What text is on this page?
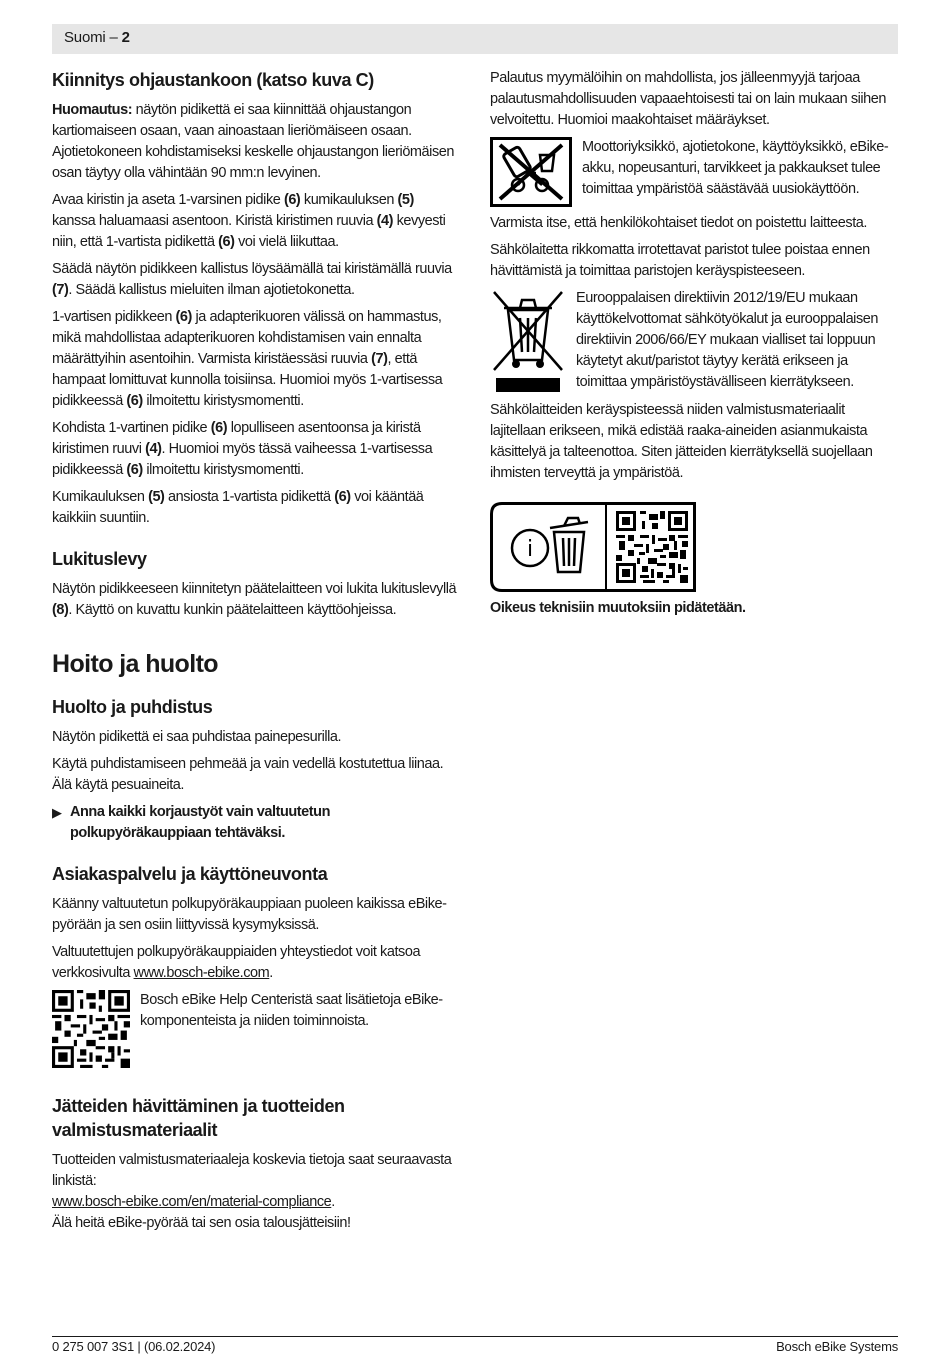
Suomi – 2
Kiinnitys ohjaustankoon (katso kuva C)

Huomautus: näytön pidikettä ei saa kiinnittää ohjaustangon kartiomaiseen osaan, vaan ainoastaan lieriömäiseen osaan. Ajotietokoneen kohdistamiseksi keskelle ohjaustangon lieriömäisen osan täytyy olla vähintään 90 mm:n levyinen.

Avaa kiristin ja aseta 1-varsinen pidike (6) kumikauluksen (5) kanssa haluamaasi asentoon. Kiristä kiristimen ruuvia (4) kevyesti niin, että 1-vartista pidikettä (6) voi vielä liikuttaa.

Säädä näytön pidikkeen kallistus löysäämällä tai kiristämällä ruuvia (7). Säädä kallistus mieluiten ilman ajotietokonetta.

1-vartisen pidikkeen (6) ja adapterikuoren välissä on hammastus, mikä mahdollistaa adapterikuoren kohdistamisen vain ennalta määrättyihin asentoihin. Varmista kiristäessäsi ruuvia (7), että hampaat lomittuvat kunnolla toisiinsa. Huomioi myös 1-vartisessa pidikkeessä (6) ilmoitettu kiristysmomentti.

Kohdista 1-vartinen pidike (6) lopulliseen asentoonsa ja kiristä kiristimen ruuvi (4). Huomioi myös tässä vaiheessa 1-vartisessa pidikkeessä (6) ilmoitettu kiristysmomentti.

Kumikauluksen (5) ansiosta 1-vartista pidikettä (6) voi kääntää kaikkiin suuntiin.

Lukituslevy

Näytön pidikkeeseen kiinnitetyn päätelaitteen voi lukita lukituslevyllä (8). Käyttö on kuvattu kunkin päätelaitteen käyttöohjeissa.

Hoito ja huolto
Huolto ja puhdistus

Näytön pidikettä ei saa puhdistaa painepesurilla.

Käytä puhdistamiseen pehmeää ja vain vedellä kostutettua liinaa. Älä käytä pesuaineita.

▶ Anna kaikki korjaustyöt vain valtuutetun polkupyöräkauppiaan tehtäväksi.

Asiakaspalvelu ja käyttöneuvonta

Käänny valtuutetun polkupyöräkauppiaan puoleen kaikissa eBike-pyörään ja sen osiin liittyvissä kysymyksissä.

Valtuutettujen polkupyöräkauppiaiden yhteystiedot voit katsoa verkkosivulta www.bosch-ebike.com.

Bosch eBike Help Centeristä saat lisätietoja eBike-komponenteista ja niiden toiminnoista.

Jätteiden hävittäminen ja tuotteiden valmistusmateriaalit

Tuotteiden valmistusmateriaaleja koskevia tietoja saat seuraavasta linkistä:
www.bosch-ebike.com/en/material-compliance.
Älä heitä eBike-pyörää tai sen osia talousjätteisiin!

Palautus myymälöihin on mahdollista, jos jälleenmyyjä tarjoaa palautusmahdollisuuden vapaaehtoisesti tai on lain mukaan siihen velvoitettu. Huomioi maakohtaiset määräykset.

Moottoriyksikkö, ajotietokone, käyttöyksikkö, eBike-akku, nopeusanturi, tarvikkeet ja pakkaukset tulee toimittaa ympäristöä säästävää uusiokäyttöön.

Varmista itse, että henkilökohtaiset tiedot on poistettu laitteesta.

Sähkölaitetta rikkomatta irrotettavat paristot tulee poistaa ennen hävittämistä ja toimittaa paristojen keräyspisteeseen.

Eurooppalaisen direktiivin 2012/19/EU mukaan käyttökelvottomat sähkötyökalut ja eurooppalaisen direktiivin 2006/66/EY mukaan vialliset tai loppuun käytetyt akut/paristot täytyy kerätä erikseen ja toimittaa ympäristöystävälliseen kierrätykseen.

Sähkölaitteiden keräyspisteessä niiden valmistusmateriaalit lajitellaan erikseen, mikä edistää raaka-aineiden asianmukaista käsittelyä ja talteenottoa. Siten jätteiden kierrätyksellä suojellaan ihmisten terveyttä ja ympäristöä.

i

Oikeus teknisiin muutoksiin pidätetään.

0 275 007 3S1 | (06.02.2024)	Bosch eBike Systems
